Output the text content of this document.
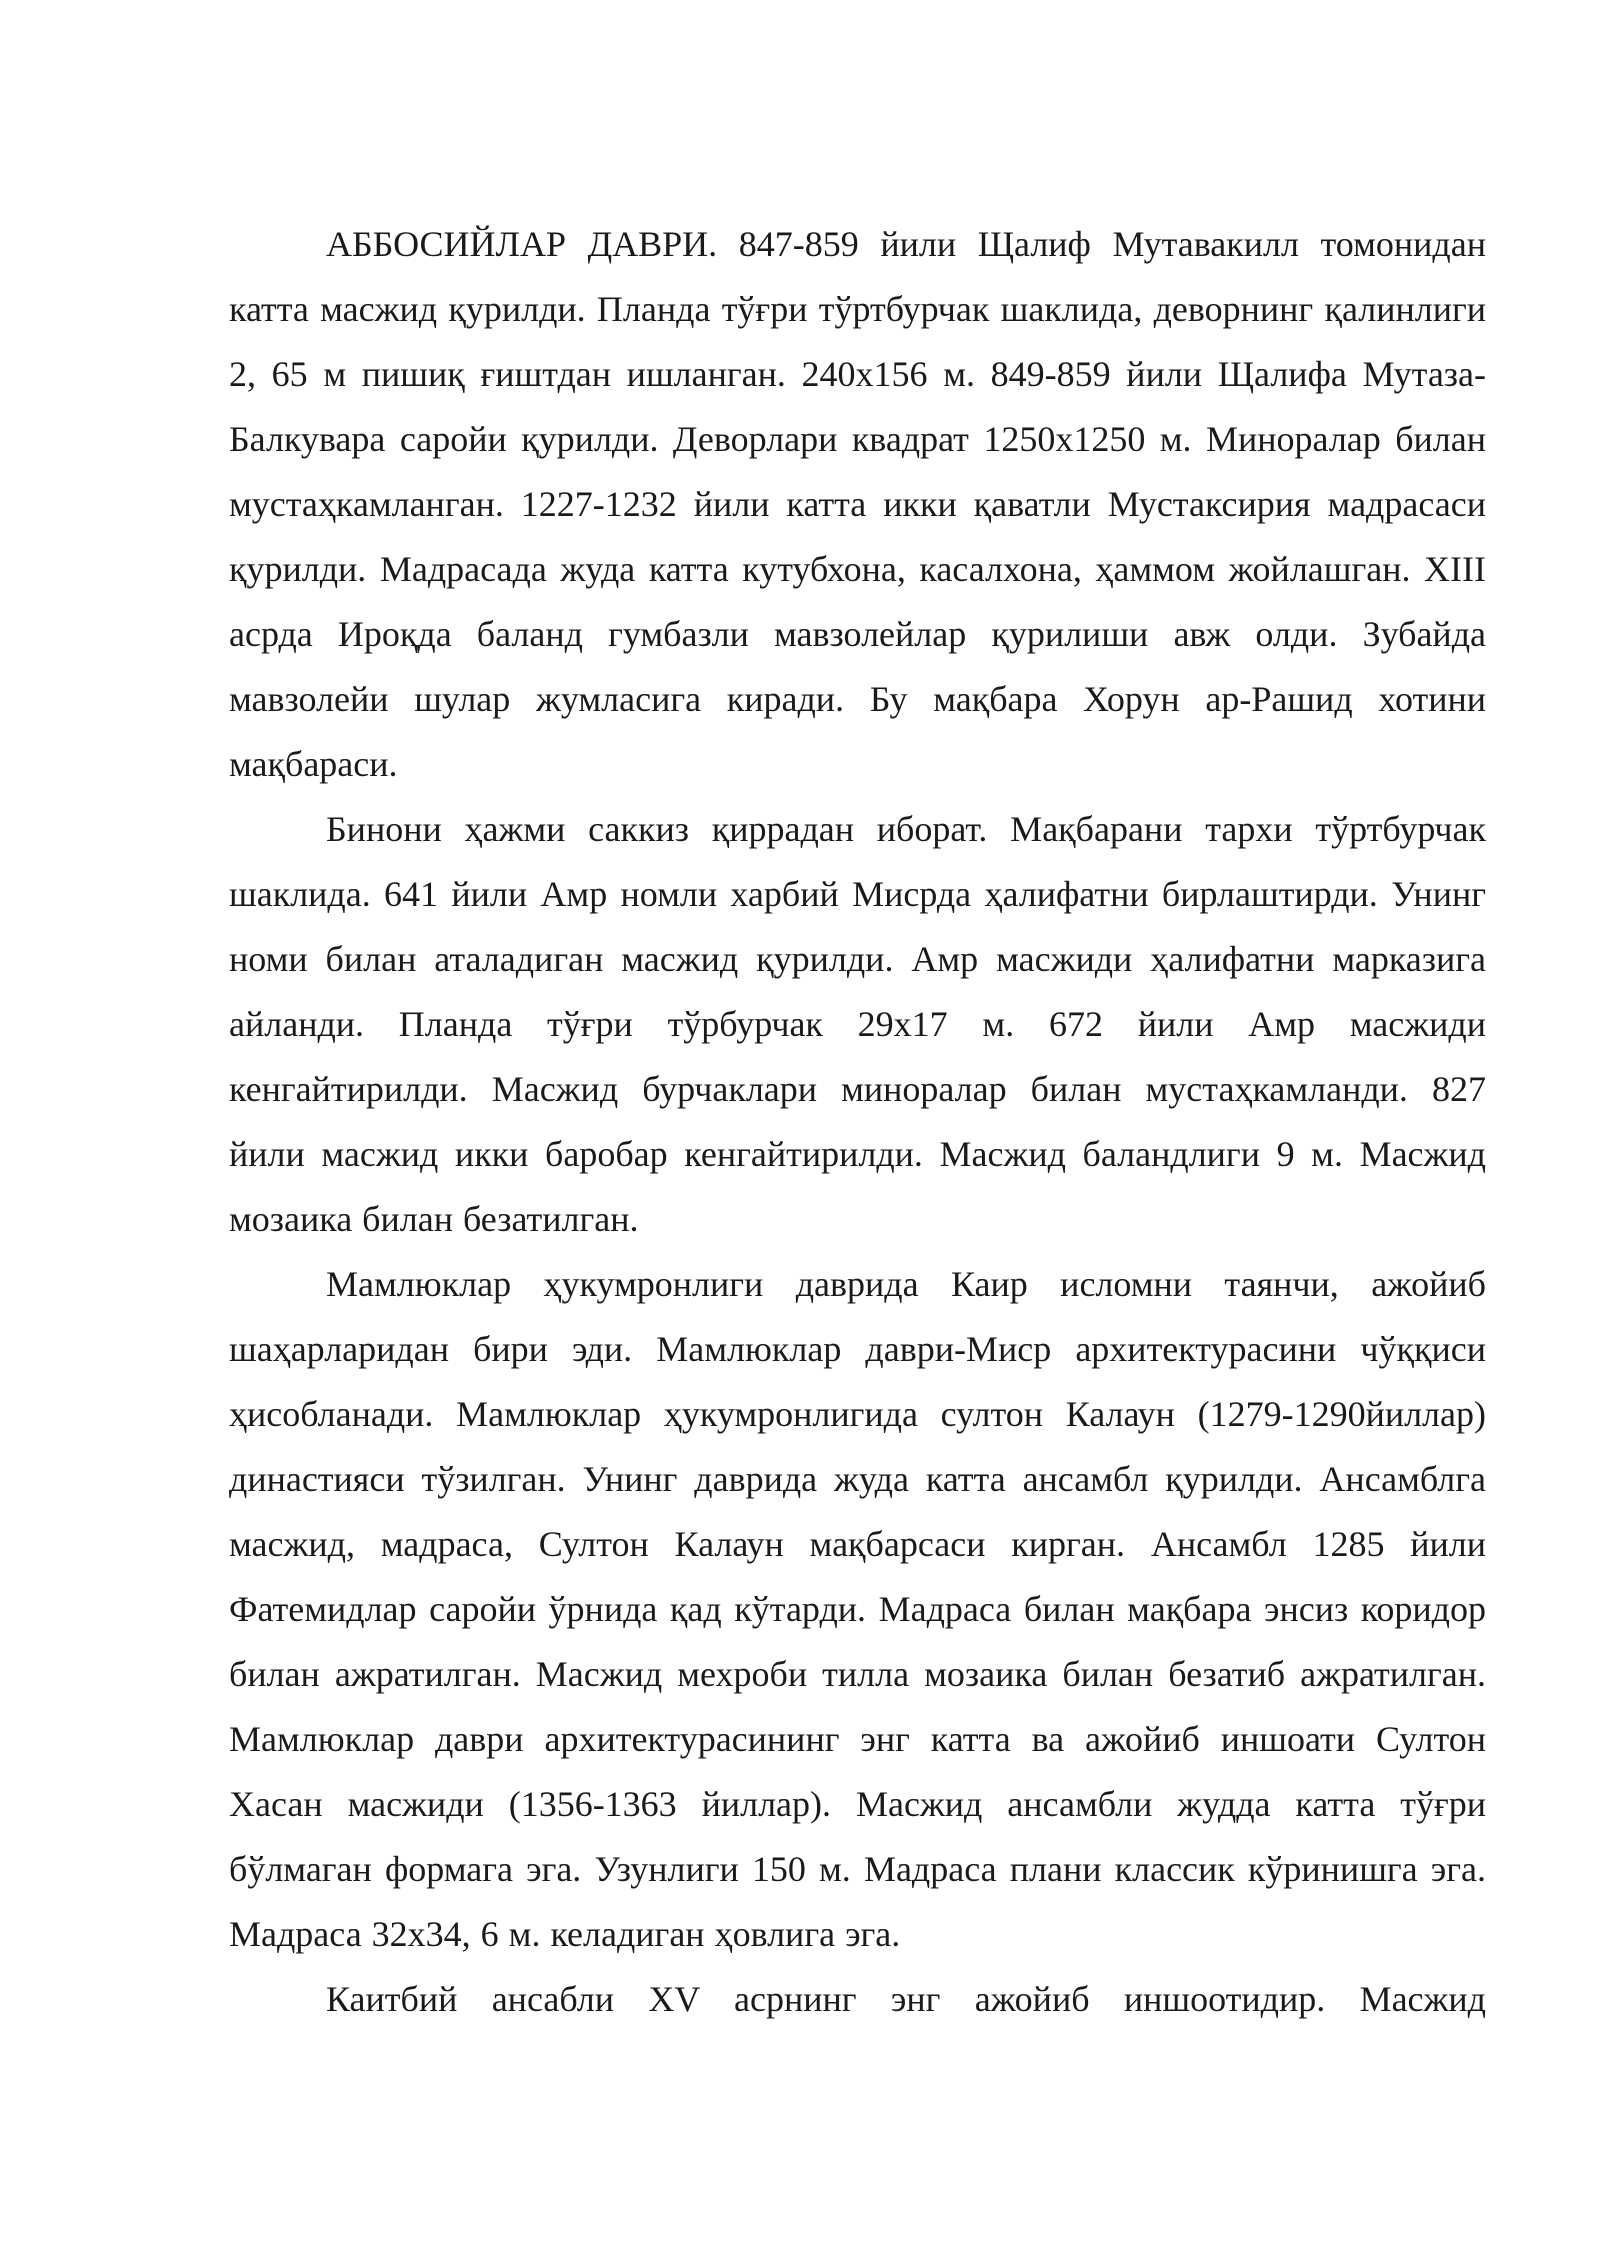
АББОСИЙЛАР ДАВРИ. 847-859 йили Щалиф Мутавакилл томонидан катта масжид қурилди. Планда тўғри тўртбурчак шаклида, деворнинг қалинлиги 2, 65 м пишиқ ғиштдан ишланган. 240х156 м. 849-859 йили Щалифа Мутаза-Балкувара саройи қурилди. Деворлари квадрат 1250х1250 м. Миноралар билан мустаҳкамланган. 1227-1232 йили катта икки қаватли Мустаксирия мадрасаси қурилди. Мадрасада жуда катта кутубхона, касалхона, ҳаммом жойлашган. XIII асрда Ироқда баланд гумбазли мавзолейлар қурилиши авж олди. Зубайда мавзолейи шулар жумласига киради. Бу мақбара Хорун ар-Рашид хотини мақбараси.

Бинони ҳажми саккиз қиррадан иборат. Мақбарани тархи тўртбурчак шаклида. 641 йили Амр номли харбий Мисрда ҳалифатни бирлаштирди. Унинг номи билан аталадиган масжид қурилди. Амр масжиди ҳалифатни марказига айланди. Планда тўғри тўрбурчак 29х17 м. 672 йили Амр масжиди кенгайтирилди. Масжид бурчаклари миноралар билан мустаҳкамланди. 827 йили масжид икки баробар кенгайтирилди. Масжид баландлиги 9 м. Масжид мозаика билан безатилган.

Мамлюклар ҳукумронлиги даврида Каир исломни таянчи, ажойиб шаҳарларидан бири эди. Мамлюклар даври-Миср архитектурасини чўққиси ҳисобланади. Мамлюклар ҳукумронлигида султон Калаун (1279-1290йиллар) династияси тўзилган. Унинг даврида жуда катта ансамбл қурилди. Ансамблга масжид, мадраса, Султон Калаун мақбарсаси кирган. Ансамбл 1285 йили Фатемидлар саройи ўрнида қад кўтарди. Мадраса билан мақбара энсиз коридор билан ажратилган. Масжид мехроби тилла мозаика билан безатиб ажратилган. Мамлюклар даври архитектурасининг энг катта ва ажойиб иншоати Султон Хасан масжиди (1356-1363 йиллар). Масжид ансамбли жудда катта тўғри бўлмаган формага эга. Узунлиги 150 м. Мадраса плани классик кўринишга эга. Мадраса 32х34, 6 м. келадиган ҳовлига эга.

Каитбий ансабли XV асрнинг энг ажойиб иншоотидир. Масжид
